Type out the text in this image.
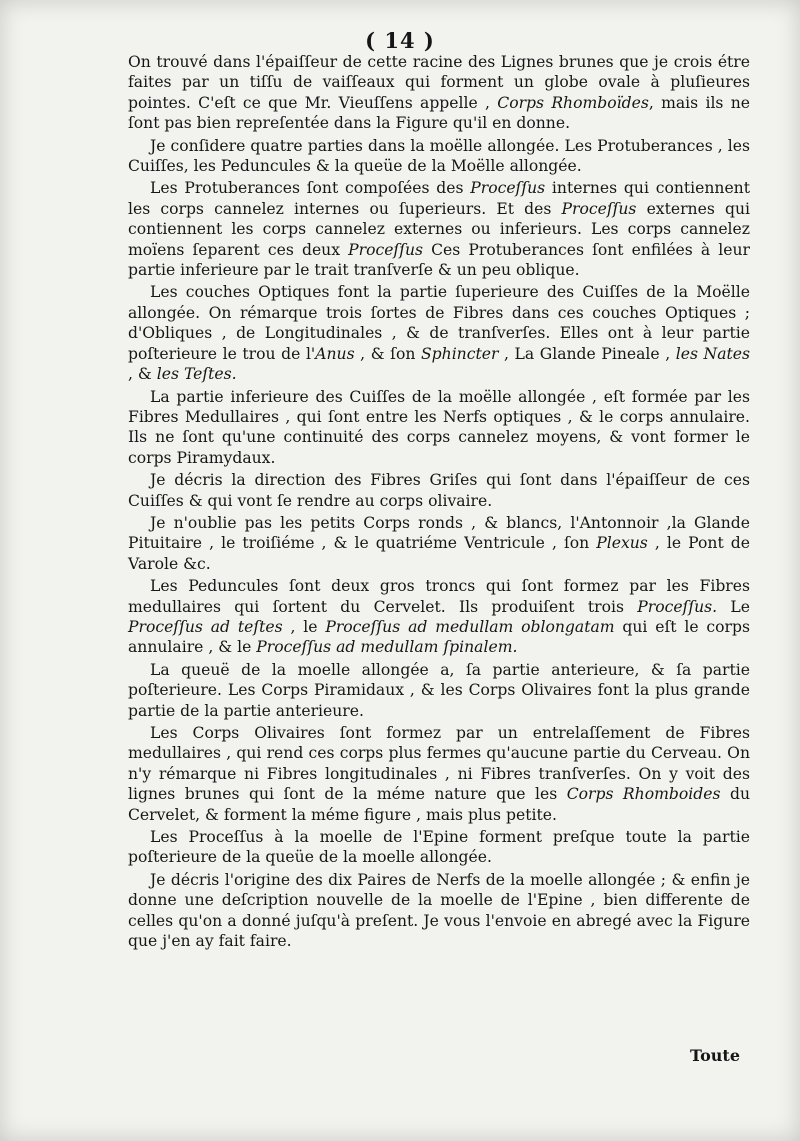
( 14 )

On trouvé dans l'épaiſſeur de cette racine des Lignes brunes que je crois étre faites par un tiſſu de vaiſſeaux qui forment un globe ovale à pluſieures pointes. C'eſt ce que Mr. Vieuſſens appelle , Corps Rhomboïdes, mais ils ne ſont pas bien repreſentée dans la Figure qu'il en donne.

Je conſidere quatre parties dans la moëlle allongée. Les Protuberances , les Cuiſſes, les Peduncules & la queüe de la Moëlle allongée.

Les Protuberances ſont compoſées des Proceſſus internes qui contiennent les corps cannelez internes ou ſuperieurs. Et des Proceſſus externes qui contiennent les corps cannelez externes ou inferieurs. Les corps cannelez moïens ſeparent ces deux Proceſſus Ces Protuberances ſont enfilées à leur partie inferieure par le trait tranſverſe & un peu oblique.

Les couches Optiques font la partie ſuperieure des Cuiſſes de la Moëlle allongée. On rémarque trois ſortes de Fibres dans ces couches Optiques ; d'Obliques , de Longitudinales , & de tranſverſes. Elles ont à leur partie poſterieure le trou de l'Anus , & ſon Sphincter , La Glande Pineale , les Nates , & les Teſtes.

La partie inferieure des Cuiſſes de la moëlle allongée , eſt formée par les Fibres Medullaires , qui ſont entre les Nerfs optiques , & le corps annulaire. Ils ne ſont qu'une continuité des corps cannelez moyens, & vont former le corps Piramydaux.

Je décris la direction des Fibres Griſes qui ſont dans l'épaiſſeur de ces Cuiſſes & qui vont ſe rendre au corps olivaire.

Je n'oublie pas les petits Corps ronds , & blancs, l'Antonnoir ,la Glande Pituitaire , le troiſiéme , & le quatriéme Ventricule , ſon Plexus , le Pont de Varole &c.

Les Peduncules ſont deux gros troncs qui ſont formez par les Fibres medullaires qui ſortent du Cervelet. Ils produiſent trois Proceſſus. Le Proceſſus ad teſtes , le Proceſſus ad medullam oblongatam qui eſt le corps annulaire , & le Proceſſus ad medullam ſpinalem.

La queuë de la moelle allongée a, ſa partie anterieure, & ſa partie poſterieure. Les Corps Piramidaux , & les Corps Olivaires font la plus grande partie de la partie anterieure.

Les Corps Olivaires ſont formez par un entrelaſſement de Fibres medullaires , qui rend ces corps plus fermes qu'aucune partie du Cerveau. On n'y rémarque ni Fibres longitudinales , ni Fibres tranſverſes. On y voit des lignes brunes qui ſont de la méme nature que les Corps Rhomboides du Cervelet, & forment la méme figure , mais plus petite.

Les Proceſſus à la moelle de l'Epine forment preſque toute la partie poſterieure de la queüe de la moelle allongée.

Je décris l'origine des dix Paires de Nerfs de la moelle allongée ; & enfin je donne une deſcription nouvelle de la moelle de l'Epine , bien differente de celles qu'on a donné juſqu'à preſent. Je vous l'envoie en abregé avec la Figure que j'en ay fait faire.

Toute
